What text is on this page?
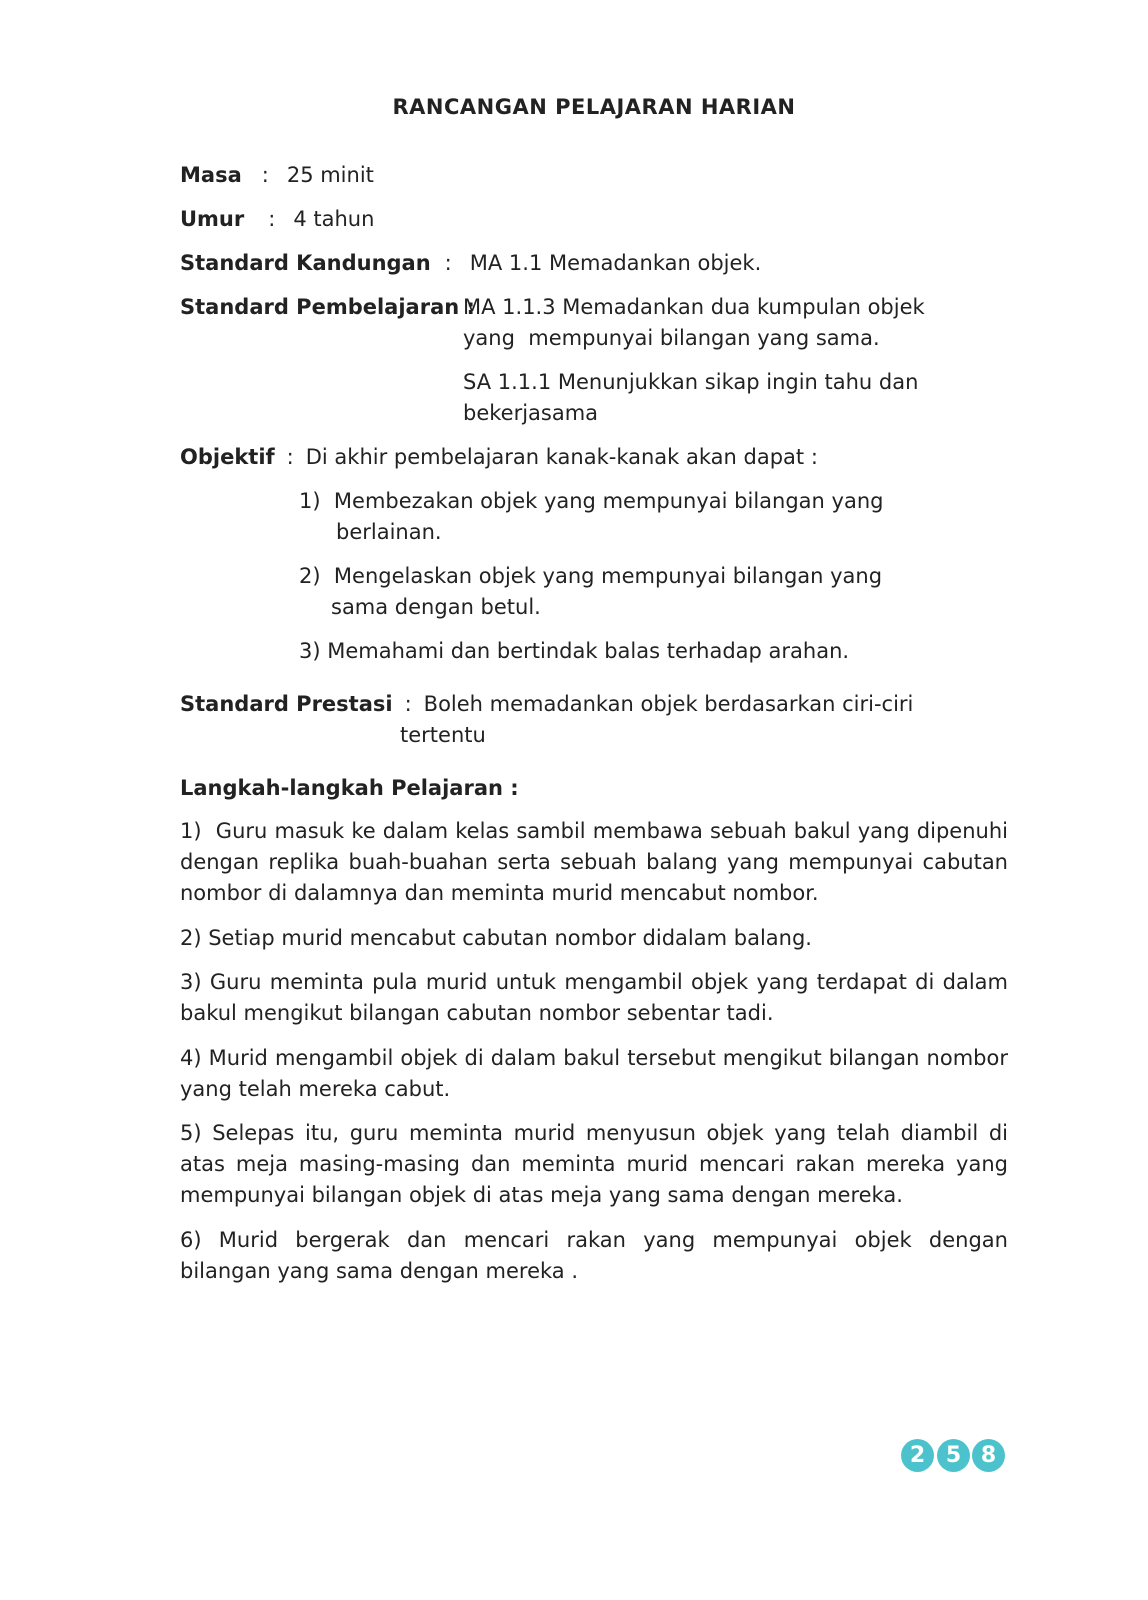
RANCANGAN PELAJARAN HARIAN
Masa : 25 minit
Umur : 4 tahun
Standard Kandungan : MA 1.1 Memadankan objek.
Standard Pembelajaran :
MA 1.1.3 Memadankan dua kumpulan objek
yang  mempunyai bilangan yang sama.
SA 1.1.1 Menunjukkan sikap ingin tahu dan
bekerjasama
Objektif : Di akhir pembelajaran kanak-kanak akan dapat :
1)  Membezakan objek yang mempunyai bilangan yang
berlainan.
2)  Mengelaskan objek yang mempunyai bilangan yang
sama dengan betul.
3) Memahami dan bertindak balas terhadap arahan.
Standard Prestasi : Boleh memadankan objek berdasarkan ciri-ciri
tertentu
Langkah-langkah Pelajaran :
1)  Guru masuk ke dalam kelas sambil membawa sebuah bakul yang dipenuhi dengan replika buah-buahan serta sebuah balang yang mempunyai cabutan nombor di dalamnya dan meminta murid mencabut nombor.
2) Setiap murid mencabut cabutan nombor didalam balang.
3) Guru meminta pula murid untuk mengambil objek yang terdapat di dalam bakul mengikut bilangan cabutan nombor sebentar tadi.
4) Murid mengambil objek di dalam bakul tersebut mengikut bilangan nombor yang telah mereka cabut.
5) Selepas itu, guru meminta murid menyusun objek yang telah diambil di atas meja masing-masing dan meminta murid mencari rakan mereka yang mempunyai bilangan objek di atas meja yang sama dengan mereka.
6) Murid bergerak dan mencari rakan yang mempunyai objek dengan bilangan yang sama dengan mereka .
2 5 8
